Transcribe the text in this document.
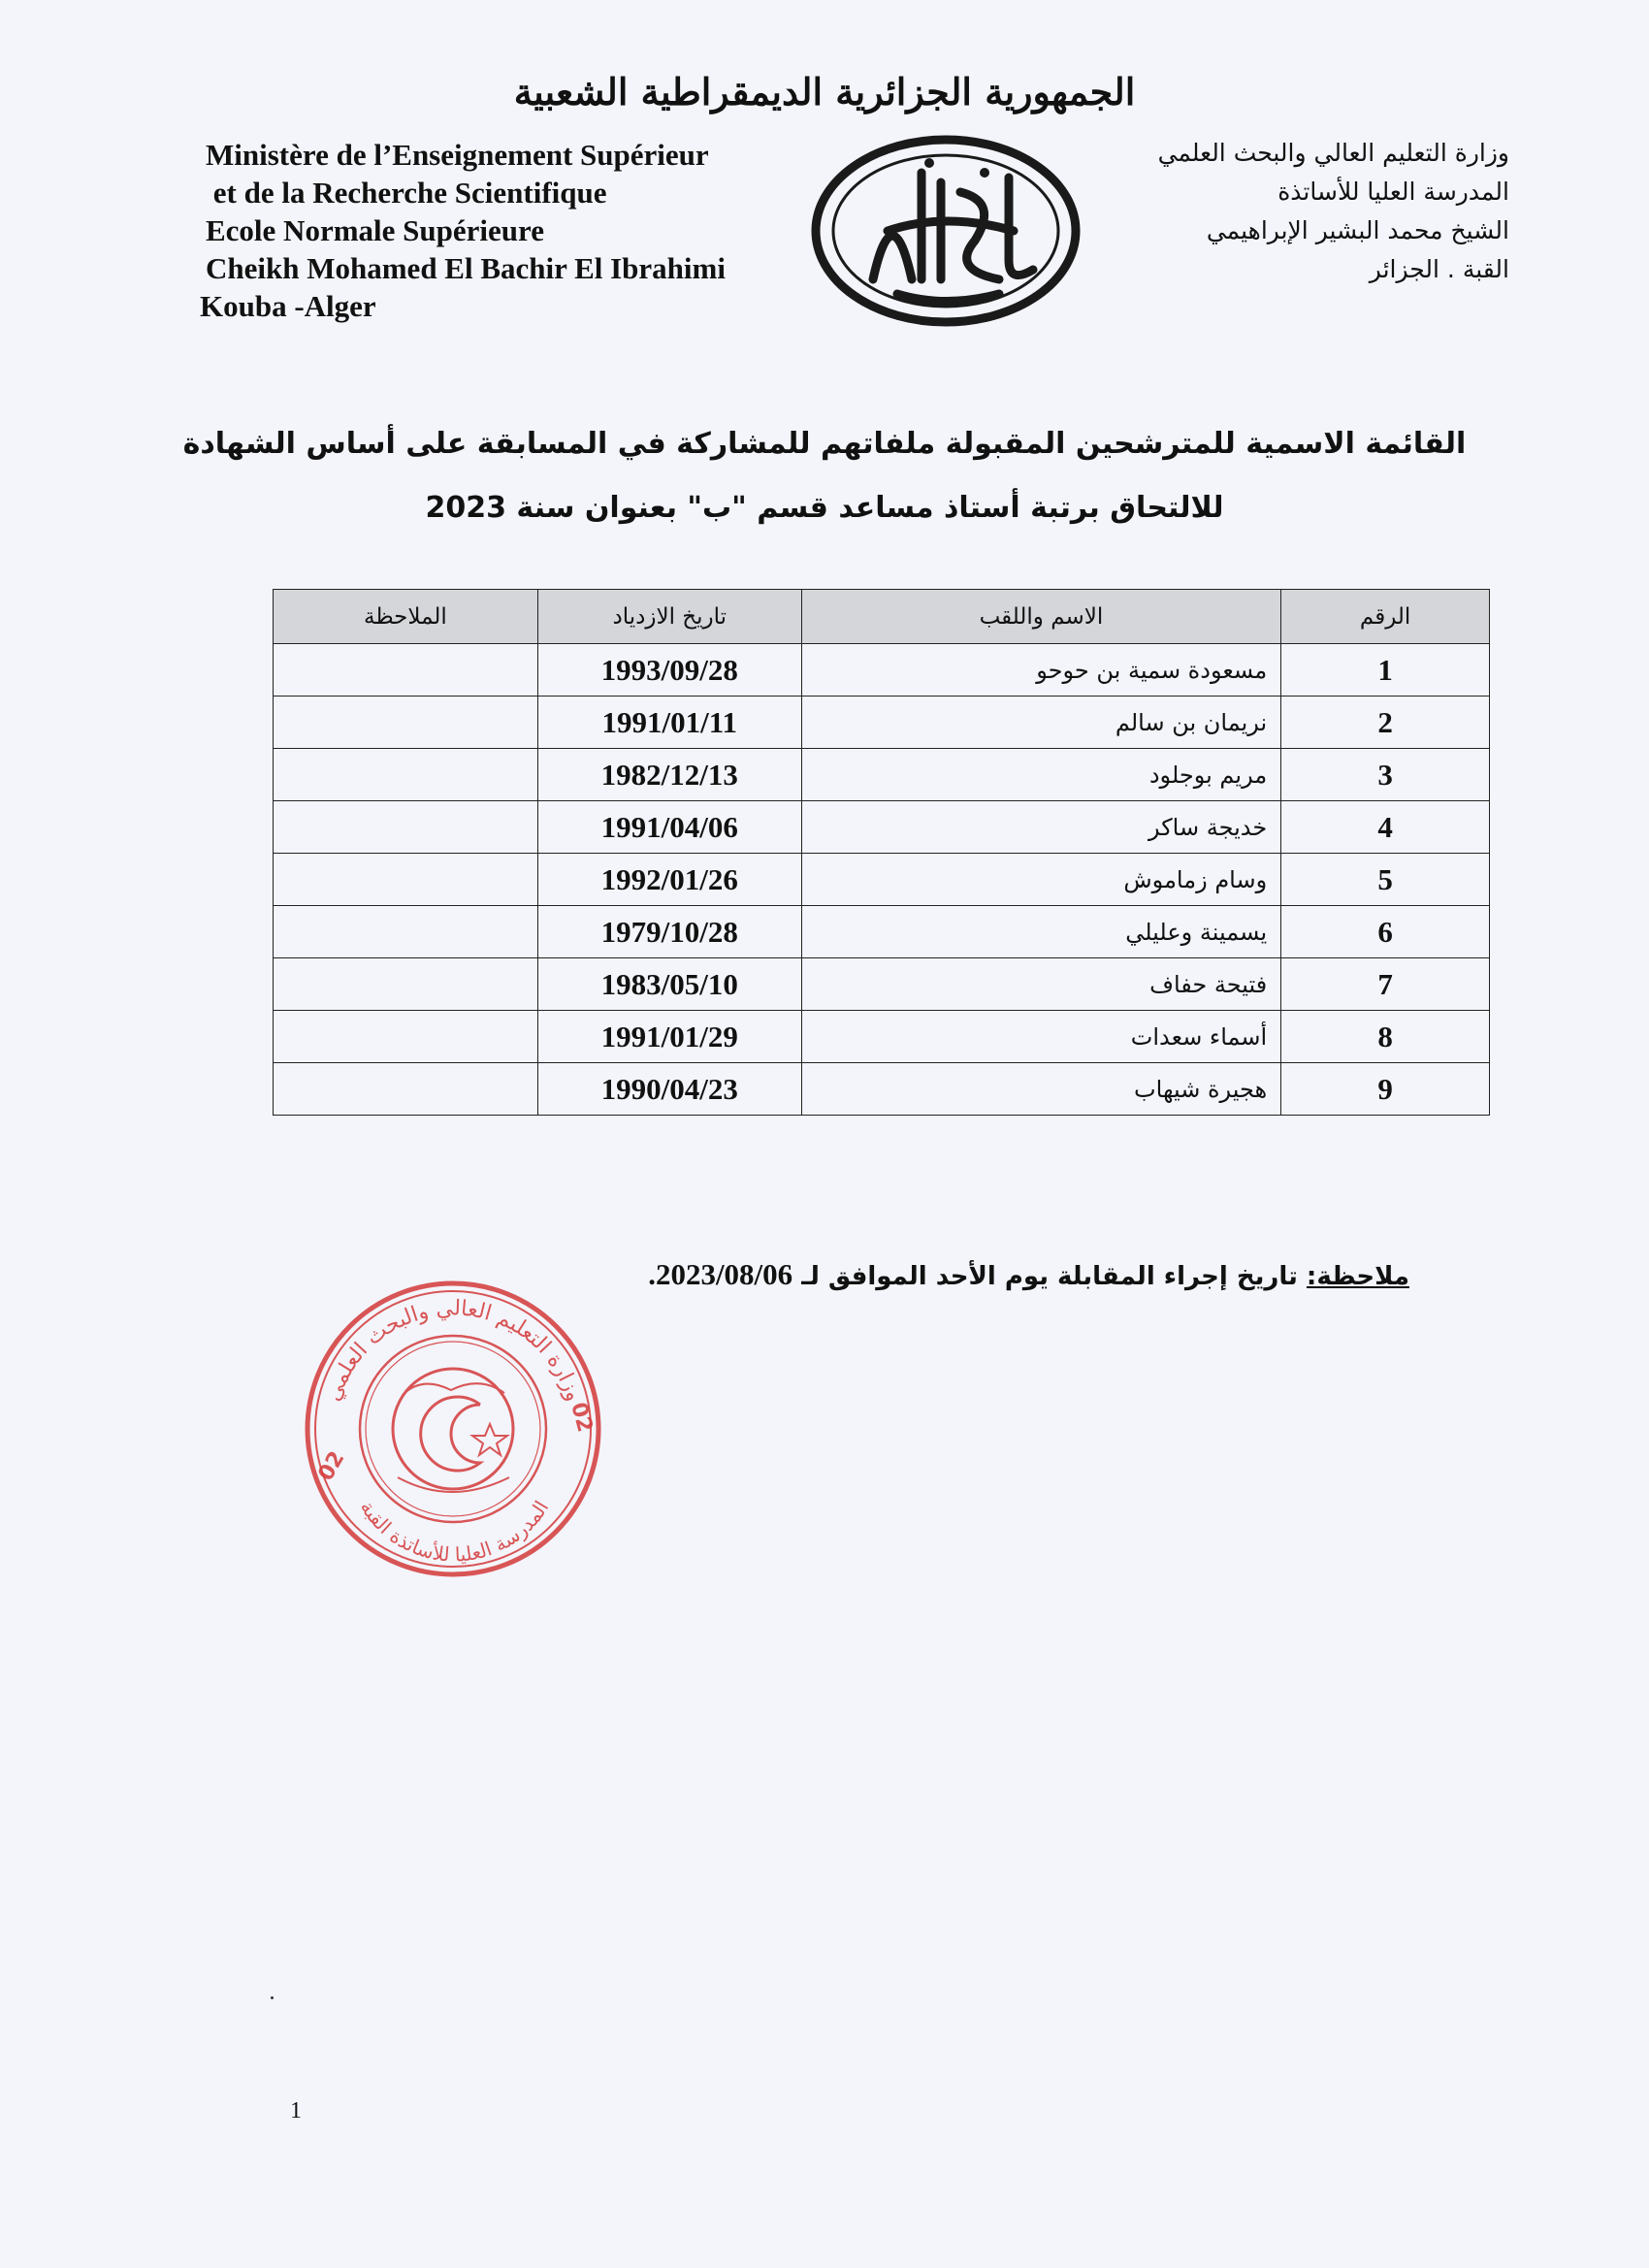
الجمهورية الجزائرية الديمقراطية الشعبية
Ministère de l’Enseignement Supérieur
et de la Recherche Scientifique
Ecole Normale Supérieure
Cheikh Mohamed El Bachir El Ibrahimi
Kouba -Alger
وزارة التعليم العالي والبحث العلمي
المدرسة العليا للأساتذة
الشيخ محمد البشير الإبراهيمي
القبة . الجزائر
القائمة الاسمية للمترشحين المقبولة ملفاتهم للمشاركة في المسابقة على أساس الشهادة
للالتحاق برتبة أستاذ مساعد قسم "ب" بعنوان سنة 2023
الرقم	الاسم واللقب	تاريخ الازدياد	الملاحظة
1	مسعودة سمية بن حوحو	1993/09/28	
2	نريمان بن سالم	1991/01/11	
3	مريم بوجلود	1982/12/13	
4	خديجة ساكر	1991/04/06	
5	وسام زماموش	1992/01/26	
6	يسمينة وعليلي	1979/10/28	
7	فتيحة حفاف	1983/05/10	
8	أسماء سعدات	1991/01/29	
9	هجيرة شيهاب	1990/04/23	
ملاحظة: تاريخ إجراء المقابلة يوم الأحد الموافق لـ 2023/08/06.
وزارة التعليم العالي والبحث العلمي
المدرسة العليا للأساتذة القبة
02
02
1
